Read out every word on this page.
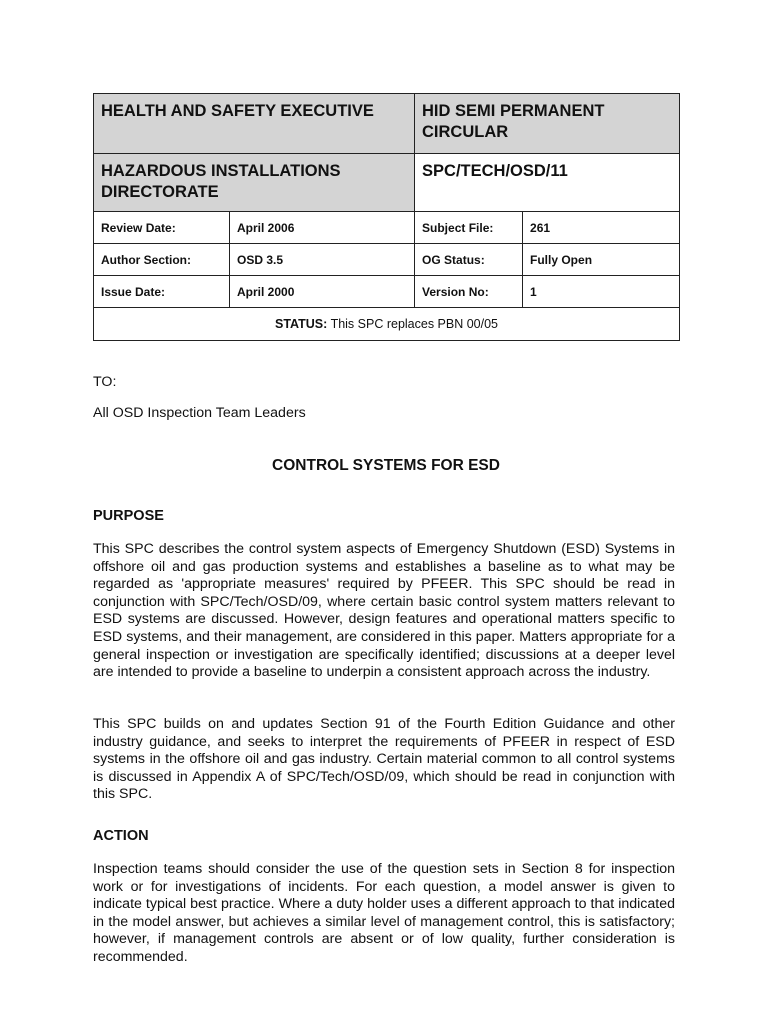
HEALTH AND SAFETY EXECUTIVE		HID SEMI PERMANENT CIRCULAR	
HAZARDOUS INSTALLATIONS DIRECTORATE		SPC/TECH/OSD/11	
Review Date:	April 2006	Subject File:	261
Author Section:	OSD 3.5	OG Status:	Fully Open
Issue Date:	April 2000	Version No:	1
STATUS: This SPC replaces PBN 00/05			
TO:
All OSD Inspection Team Leaders
CONTROL SYSTEMS FOR ESD
PURPOSE
This SPC describes the control system aspects of Emergency Shutdown (ESD) Systems in offshore oil and gas production systems and establishes a baseline as to what may be regarded as 'appropriate measures' required by PFEER. This SPC should be read in conjunction with SPC/Tech/OSD/09, where certain basic control system matters relevant to ESD systems are discussed. However, design features and operational matters specific to ESD systems, and their management, are considered in this paper. Matters appropriate for a general inspection or investigation are specifically identified; discussions at a deeper level are intended to provide a baseline to underpin a consistent approach across the industry.
This SPC builds on and updates Section 91 of the Fourth Edition Guidance and other industry guidance, and seeks to interpret the requirements of PFEER in respect of ESD systems in the offshore oil and gas industry. Certain material common to all control systems is discussed in Appendix A of SPC/Tech/OSD/09, which should be read in conjunction with this SPC.
ACTION
Inspection teams should consider the use of the question sets in Section 8 for inspection work or for investigations of incidents. For each question, a model answer is given to indicate typical best practice. Where a duty holder uses a different approach to that indicated in the model answer, but achieves a similar level of management control, this is satisfactory; however, if management controls are absent or of low quality, further consideration is recommended.
